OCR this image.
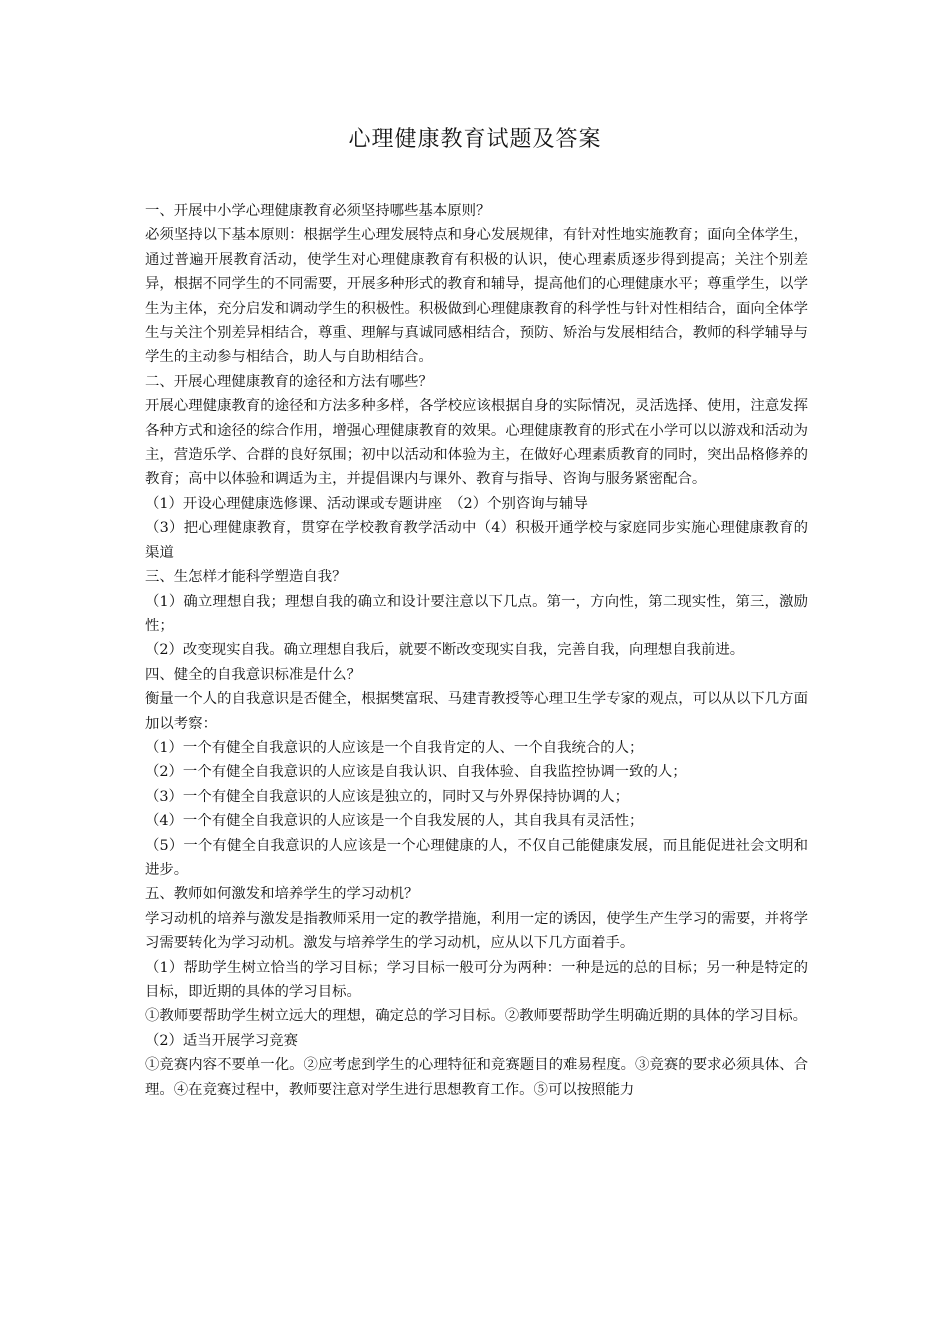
心理健康教育试题及答案

一、开展中小学心理健康教育必须坚持哪些基本原则？

必须坚持以下基本原则：根据学生心理发展特点和身心发展规律，有针对性地实施教育；面向全体学生，通过普遍开展教育活动，使学生对心理健康教育有积极的认识，使心理素质逐步得到提高；关注个别差异，根据不同学生的不同需要，开展多种形式的教育和辅导，提高他们的心理健康水平；尊重学生，以学生为主体，充分启发和调动学生的积极性。积极做到心理健康教育的科学性与针对性相结合，面向全体学生与关注个别差异相结合，尊重、理解与真诚同感相结合，预防、矫治与发展相结合，教师的科学辅导与学生的主动参与相结合，助人与自助相结合。

二、开展心理健康教育的途径和方法有哪些？

开展心理健康教育的途径和方法多种多样，各学校应该根据自身的实际情况，灵活选择、使用，注意发挥各种方式和途径的综合作用，增强心理健康教育的效果。心理健康教育的形式在小学可以以游戏和活动为主，营造乐学、合群的良好氛围；初中以活动和体验为主，在做好心理素质教育的同时，突出品格修养的教育；高中以体验和调适为主，并提倡课内与课外、教育与指导、咨询与服务紧密配合。

（1）开设心理健康选修课、活动课或专题讲座　（2）个别咨询与辅导

（3）把心理健康教育，贯穿在学校教育教学活动中（4）积极开通学校与家庭同步实施心理健康教育的渠道

三、生怎样才能科学塑造自我？

（1）确立理想自我；理想自我的确立和设计要注意以下几点。第一，方向性，第二现实性，第三，激励性；

（2）改变现实自我。确立理想自我后，就要不断改变现实自我，完善自我，向理想自我前进。

四、健全的自我意识标准是什么？

衡量一个人的自我意识是否健全，根据樊富珉、马建青教授等心理卫生学专家的观点，可以从以下几方面加以考察：

（1）一个有健全自我意识的人应该是一个自我肯定的人、一个自我统合的人；

（2）一个有健全自我意识的人应该是自我认识、自我体验、自我监控协调一致的人；

（3）一个有健全自我意识的人应该是独立的，同时又与外界保持协调的人；

（4）一个有健全自我意识的人应该是一个自我发展的人，其自我具有灵活性；

（5）一个有健全自我意识的人应该是一个心理健康的人，不仅自己能健康发展，而且能促进社会文明和进步。

五、教师如何激发和培养学生的学习动机？

学习动机的培养与激发是指教师采用一定的教学措施，利用一定的诱因，使学生产生学习的需要，并将学习需要转化为学习动机。激发与培养学生的学习动机，应从以下几方面着手。

（1）帮助学生树立恰当的学习目标；学习目标一般可分为两种：一种是远的总的目标；另一种是特定的目标，即近期的具体的学习目标。

①教师要帮助学生树立远大的理想，确定总的学习目标。②教师要帮助学生明确近期的具体的学习目标。

（2）适当开展学习竞赛

①竞赛内容不要单一化。②应考虑到学生的心理特征和竞赛题目的难易程度。③竞赛的要求必须具体、合理。④在竞赛过程中，教师要注意对学生进行思想教育工作。⑤可以按照能力
